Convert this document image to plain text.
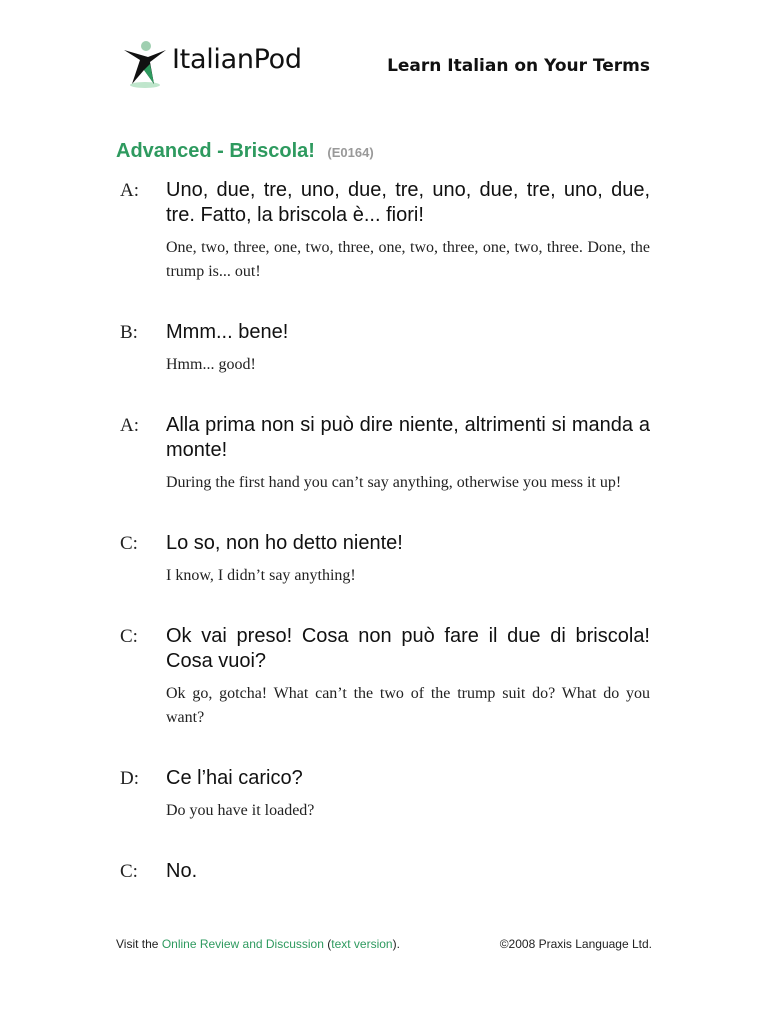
ItalianPod	Learn Italian on Your Terms
Advanced - Briscola! (E0164)
A:	Uno, due, tre, uno, due, tre, uno, due, tre, uno, due, tre. Fatto, la briscola è... fiori!

One, two, three, one, two, three, one, two, three, one, two, three. Done, the trump is... out!

B:	Mmm... bene!

Hmm... good!

A:	Alla prima non si può dire niente, altrimenti si manda a monte!

During the first hand you can’t say anything, otherwise you mess it up!

C:	Lo so, non ho detto niente!

I know, I didn’t say anything!

C:	Ok vai preso! Cosa non può fare il due di briscola! Cosa vuoi?

Ok go, gotcha! What can’t the two of the trump suit do? What do you want?

D:	Ce l’hai carico?

Do you have it loaded?

C:	No.

Visit the Online Review and Discussion (text version).	©2008 Praxis Language Ltd.
